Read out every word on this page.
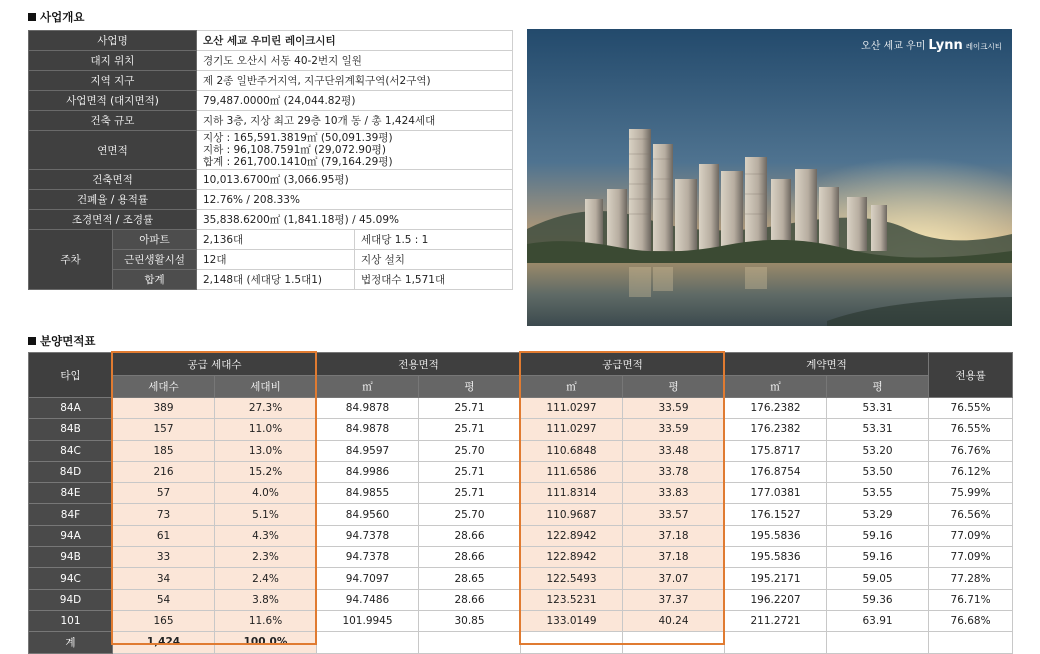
사업개요
사업명		오산 세교 우미린 레이크시티	
대지 위치		경기도 오산시 서동 40-2번지 일원	
지역 지구		제 2종 일반주거지역, 지구단위계획구역(서2구역)	
사업면적 (대지면적)		79,487.0000㎡ (24,044.82평)	
건축 규모		지하 3층, 지상 최고 29층 10개 동 / 총 1,424세대	
연면적		지상 : 165,591.3819㎡ (50,091.39평)
지하 : 96,108.7591㎡ (29,072.90평)
합계 : 261,700.1410㎡ (79,164.29평)	

건축면적		10,013.6700㎡ (3,066.95평)	
건폐율 / 용적률		12.76% / 208.33%	
조경면적 / 조경률		35,838.6200㎡ (1,841.18평) / 45.09%	
주차	아파트	2,136대	세대당 1.5 : 1
	근린생활시설	12대	지상 설치
	합계	2,148대 (세대당 1.5대1)	법정대수 1,571대
오산 세교 우미 Lynn 레이크시티
분양면적표
타입	공급 세대수		전용면적		공급면적		계약면적		전용률
	세대수	세대비	㎡	평	㎡	평	㎡	평	
84A	389	27.3%	84.9878	25.71	111.0297	33.59	176.2382	53.31	76.55%
84B	157	11.0%	84.9878	25.71	111.0297	33.59	176.2382	53.31	76.55%
84C	185	13.0%	84.9597	25.70	110.6848	33.48	175.8717	53.20	76.76%
84D	216	15.2%	84.9986	25.71	111.6586	33.78	176.8754	53.50	76.12%
84E	57	4.0%	84.9855	25.71	111.8314	33.83	177.0381	53.55	75.99%
84F	73	5.1%	84.9560	25.70	110.9687	33.57	176.1527	53.29	76.56%
94A	61	4.3%	94.7378	28.66	122.8942	37.18	195.5836	59.16	77.09%
94B	33	2.3%	94.7378	28.66	122.8942	37.18	195.5836	59.16	77.09%
94C	34	2.4%	94.7097	28.65	122.5493	37.07	195.2171	59.05	77.28%
94D	54	3.8%	94.7486	28.66	123.5231	37.37	196.2207	59.36	76.71%
101	165	11.6%	101.9945	30.85	133.0149	40.24	211.2721	63.91	76.68%
계	1,424	100.0%							
